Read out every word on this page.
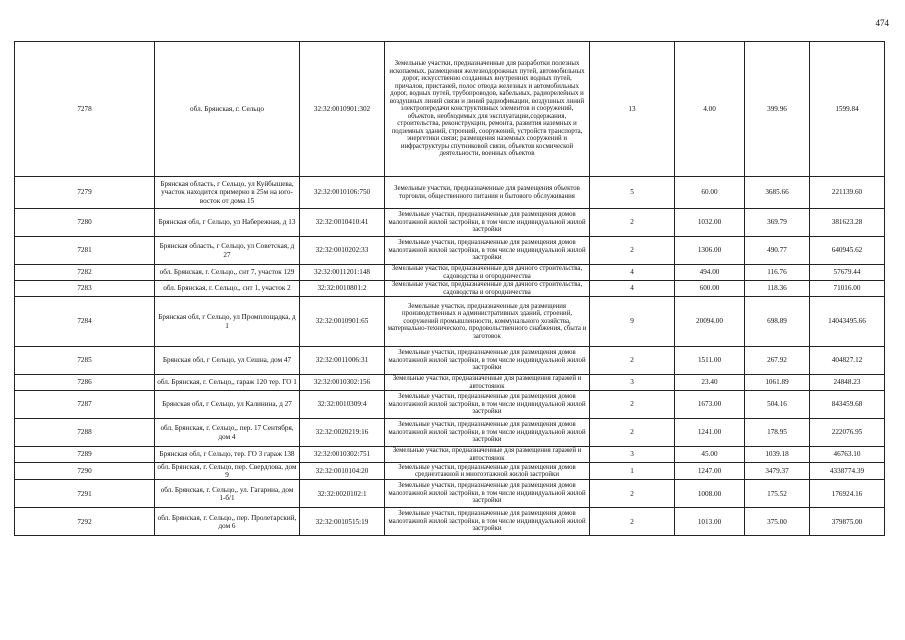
474
7278	обл. Брянская, г. Сельцо	32:32:0010901:302	Земельные участки, предназначенные для разработки полезных ископаемых, размещения железнодорожных путей, автомобильных дорог, искусственно созданных внутренних водных путей, причалов, пристаней, полос отвода железных и автомобильных дорог, водных путей, трубопроводов, кабельных, радиорелейных и воздушных линий связи и линий радиофикации, воздушных линий электропередачи конструктивных элементов и сооружений, объектов, необходимых для эксплуатации,содержания, строительства, реконструкции, ремонта, развития наземных и подземных зданий, строений, сооружений, устройств транспорта, энергетики связи; размещения наземных сооружений и инфраструктуры спутниковой связи, объектов космической деятельности, военных объектов	13	4.00	399.96	1599.84
7279	Брянская область, г Сельцо, ул Куйбышева, участок находится примерно в 25м на юго-восток от дома 15	32:32:0010106:750	Земельные участки, предназначенные для размещения объектов торговли, общественного питания и бытового обслуживания	5	60.00	3685.66	221139.60
7280	Брянская обл, г Сельцо, ул Набережная, д 13	32:32:0010410:41	Земельные участки, предназначенные для размещения домов малоэтажной жилой застройки, в том числе индивидуальной жилой застройки	2	1032.00	369.79	381623.28
7281	Брянская область, г Сельцо, ул Советская, д 27	32:32:0010202:33	Земельные участки, предназначенные для размещения домов малоэтажной жилой застройки, в том числе индивидуальной жилой застройки	2	1306.00	490.77	640945.62
7282	обл. Брянская, г. Сельцо,, снт 7, участок 129	32:32:0011201:148	Земельные участки, предназначенные для дачного строительства, садоводства и огородничества	4	494.00	116.76	57679.44
7283	обл. Брянская, г. Сельцо,, снт 1, участок 2	32:32:0010801:2	Земельные участки, предназначенные для дачного строительства, садоводства и огородничества	4	600.00	118.36	71016.00
7284	Брянская обл, г Сельцо, ул Промплощадка, д 1	32:32:0010901:65	Земельные участки, предназначенные для размещения производственных и административных зданий, строений, сооружений промышленности, коммунального хозяйства, материально-технического, продовольственного снабжения, сбыта и заготовок	9	20094.00	698.89	14043495.66
7285	Брянская обл, г Сельцо, ул Сешна, дом 47	32:32:0011006:31	Земельные участки, предназначенные для размещения домов малоэтажной жилой застройки, в том числе индивидуальной жилой застройки	2	1511.00	267.92	404827.12
7286	обл. Брянская, г. Сельцо,, гараж 120 тер. ГО 1	32:32:0010302:156	Земельные участки, предназначенные для размещения гаражей и автостоянок	3	23.40	1061.89	24848.23
7287	Брянская обл, г Сельцо, ул Калинина, д 27	32:32:0010309:4	Земельные участки, предназначенные для размещения домов малоэтажной жилой застройки, в том числе индивидуальной жилой застройки	2	1673.00	504.16	843459.68
7288	обл. Брянская, г. Сельцо,, пер. 17 Сентября, дом 4	32:32:0020219:16	Земельные участки, предназначенные для размещения домов малоэтажной жилой застройки, в том числе индивидуальной жилой застройки	2	1241.00	178.95	222076.95
7289	Брянская обл, г Сельцо, тер. ГО 3 гараж 138	32:32:0010302:751	Земельные участки, предназначенные для размещения гаражей и автостоянок	3	45.00	1039.18	46763.10
7290	обл. Брянская, г. Сельцо, пер. Свердлова, дом 9	32:32:0010104:20	Земельные участки, предназначенные для размещения домов среднеэтажной и многоэтажной жилой застройки	1	1247.00	3479.37	4338774.39
7291	обл. Брянская, г. Сельцо,, ул. Гагарина, дом 1-б/1	32:32:0020102:1	Земельные участки, предназначенные для размещения домов малоэтажной жилой застройки, в том числе индивидуальной жилой застройки	2	1008.00	175.52	176924.16
7292	обл. Брянская, г. Сельцо,, пер. Пролетарский, дом 6	32:32:0010515:19	Земельные участки, предназначенные для размещения домов малоэтажной жилой застройки, в том числе индивидуальной жилой застройки	2	1013.00	375.00	379875.00
